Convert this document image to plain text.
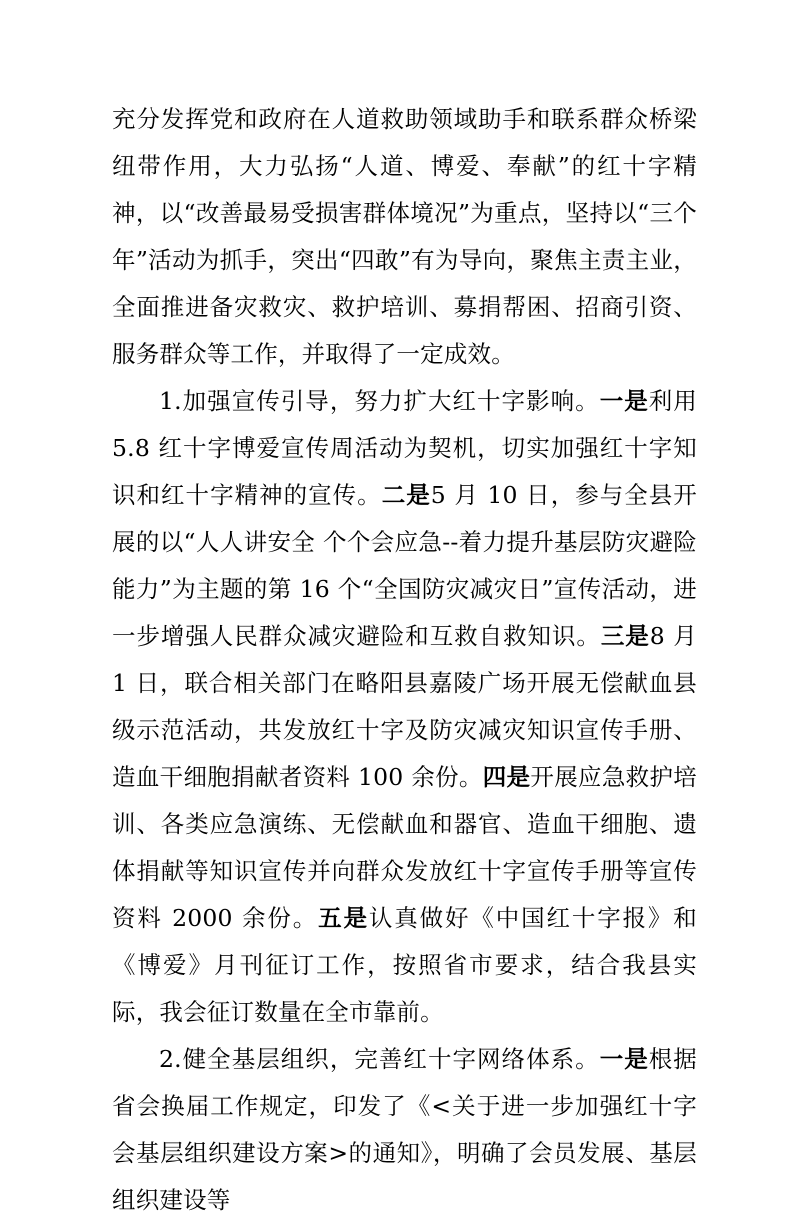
充分发挥党和政府在人道救助领域助手和联系群众桥梁纽带作用，大力弘扬“人道、博爱、奉献”的红十字精神，以“改善最易受损害群体境况”为重点，坚持以“三个年”活动为抓手，突出“四敢”有为导向，聚焦主责主业，全面推进备灾救灾、救护培训、募捐帮困、招商引资、服务群众等工作，并取得了一定成效。

1.加强宣传引导，努力扩大红十字影响。一是利用 5.8 红十字博爱宣传周活动为契机，切实加强红十字知识和红十字精神的宣传。二是5 月 10 日，参与全县开展的以“人人讲安全 个个会应急--着力提升基层防灾避险能力”为主题的第 16 个“全国防灾减灾日”宣传活动，进一步增强人民群众减灾避险和互救自救知识。三是8 月 1 日，联合相关部门在略阳县嘉陵广场开展无偿献血县级示范活动，共发放红十字及防灾减灾知识宣传手册、造血干细胞捐献者资料 100 余份。四是开展应急救护培训、各类应急演练、无偿献血和器官、造血干细胞、遗体捐献等知识宣传并向群众发放红十字宣传手册等宣传资料 2000 余份。五是认真做好《中国红十字报》和《博爱》月刊征订工作，按照省市要求，结合我县实际，我会征订数量在全市靠前。

2.健全基层组织，完善红十字网络体系。一是根据省会换届工作规定，印发了《<关于进一步加强红十字会基层组织建设方案>的通知》，明确了会员发展、基层组织建设等
